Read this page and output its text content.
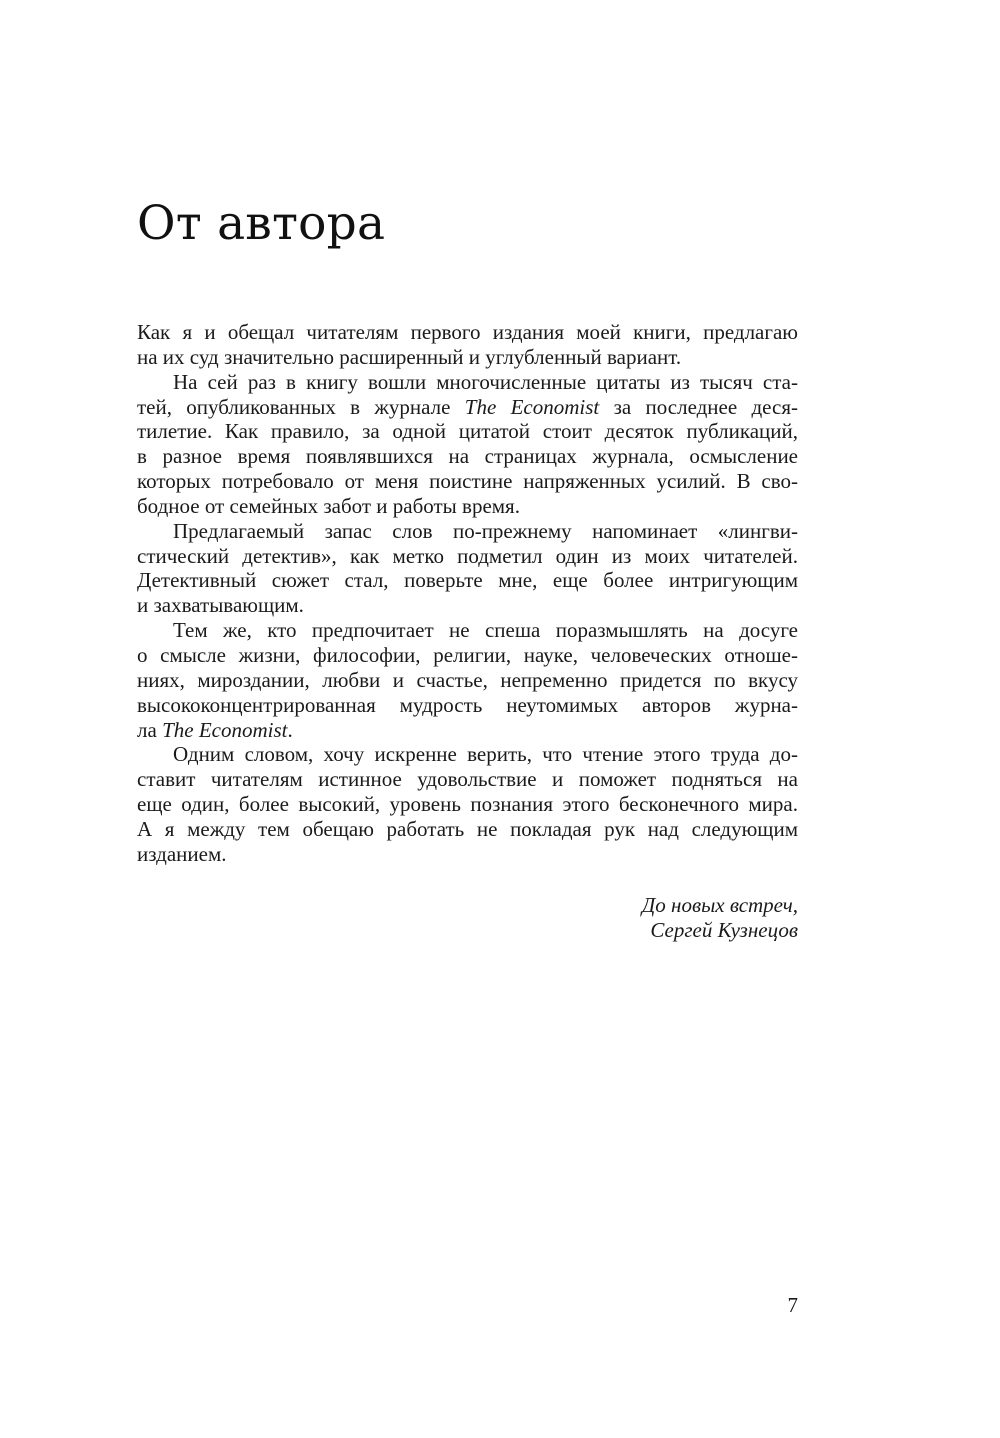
От автора
Как я и обещал читателям первого издания моей книги, предлагаю
на их суд значительно расширенный и углубленный вариант.
На сей раз в книгу вошли многочисленные цитаты из тысяч ста-
тей, опубликованных в журнале The Economist за последнее деся-
тилетие. Как правило, за одной цитатой стоит десяток публикаций,
в разное время появлявшихся на страницах журнала, осмысление
которых потребовало от меня поистине напряженных усилий. В сво-
бодное от семейных забот и работы время.
Предлагаемый запас слов по-прежнему напоминает «лингви-
стический детектив», как метко подметил один из моих читателей.
Детективный сюжет стал, поверьте мне, еще более интригующим
и захватывающим.
Тем же, кто предпочитает не спеша поразмышлять на досуге
о смысле жизни, философии, религии, науке, человеческих отноше-
ниях, мироздании, любви и счастье, непременно придется по вкусу
высококонцентрированная мудрость неутомимых авторов журна-
ла The Economist.
Одним словом, хочу искренне верить, что чтение этого труда до-
ставит читателям истинное удовольствие и поможет подняться на
еще один, более высокий, уровень познания этого бесконечного мира.
А я между тем обещаю работать не покладая рук над следующим
изданием.
До новых встреч,
Сергей Кузнецов
7
